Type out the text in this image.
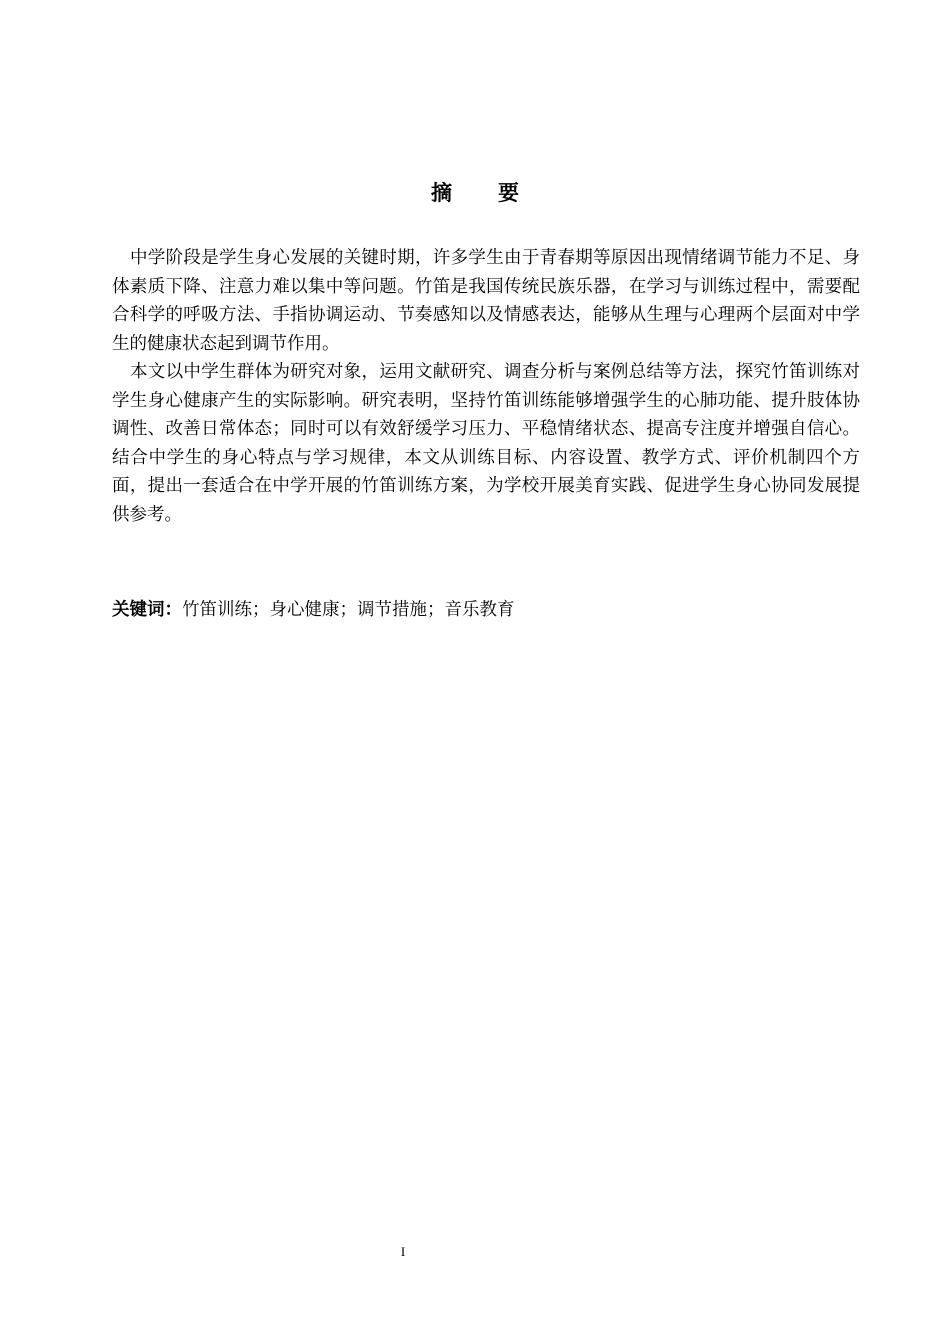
摘 要

中学阶段是学生身心发展的关键时期，许多学生由于青春期等原因出现情绪调节能力不足、身体素质下降、注意力难以集中等问题。竹笛是我国传统民族乐器，在学习与训练过程中，需要配合科学的呼吸方法、手指协调运动、节奏感知以及情感表达，能够从生理与心理两个层面对中学生的健康状态起到调节作用。

本文以中学生群体为研究对象，运用文献研究、调查分析与案例总结等方法，探究竹笛训练对学生身心健康产生的实际影响。研究表明，坚持竹笛训练能够增强学生的心肺功能、提升肢体协调性、改善日常体态；同时可以有效舒缓学习压力、平稳情绪状态、提高专注度并增强自信心。结合中学生的身心特点与学习规律，本文从训练目标、内容设置、教学方式、评价机制四个方面，提出一套适合在中学开展的竹笛训练方案，为学校开展美育实践、促进学生身心协同发展提供参考。

关键词：竹笛训练；身心健康；调节措施；音乐教育
I
